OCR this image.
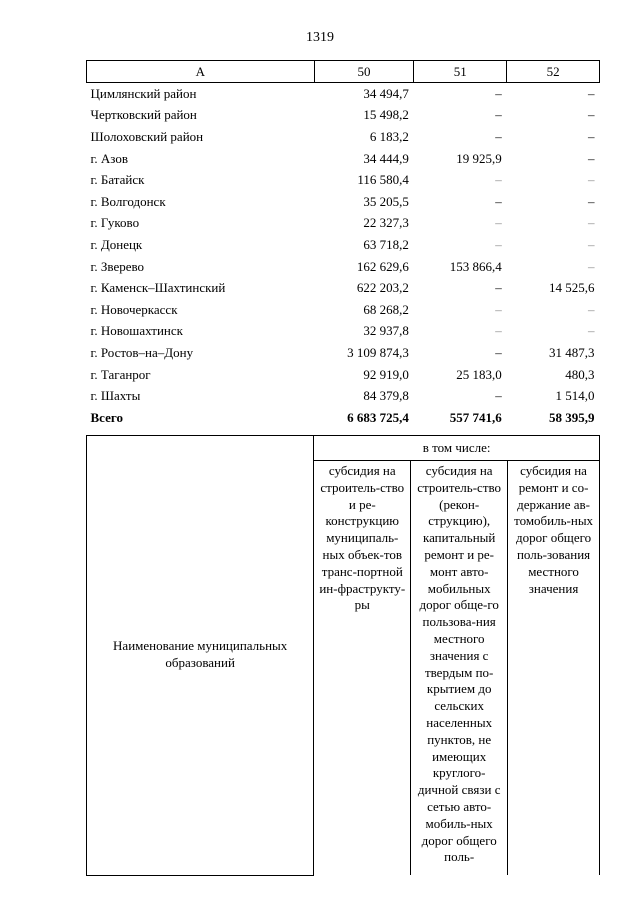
1319
А	50	51	52
Цимлянский район	34 494,7	–	–
Чертковский район	15 498,2	–	–
Шолоховский район	6 183,2	–	–
г. Азов	34 444,9	19 925,9	–
г. Батайск	116 580,4	–	–
г. Волгодонск	35 205,5	–	–
г. Гуково	22 327,3	–	–
г. Донецк	63 718,2	–	–
г. Зверево	162 629,6	153 866,4	–
г. Каменск–Шахтинский	622 203,2	–	14 525,6
г. Новочеркасск	68 268,2	–	–
г. Новошахтинск	32 937,8	–	–
г. Ростов–на–Дону	3 109 874,3	–	31 487,3
г. Таганрог	92 919,0	25 183,0	480,3
г. Шахты	84 379,8	–	1 514,0
Всего	6 683 725,4	557 741,6	58 395,9
Наименование муниципальных образований	в том числе:		
	субсидия на строитель-ство и ре-конструкцию муниципаль-ных объек-тов транс-портной ин-фраструкту-ры	субсидия на строитель-ство (рекон-струкцию), капитальный ремонт и ре-монт авто-мобильных дорог обще-го пользова-ния местного значения с твердым по-крытием до сельских населенных пунктов, не имеющих круглого-дичной связи с сетью авто-мобиль-ных дорог общего поль-	субсидия на ремонт и со-держание ав-томобиль-ных дорог общего поль-зования местного значения
